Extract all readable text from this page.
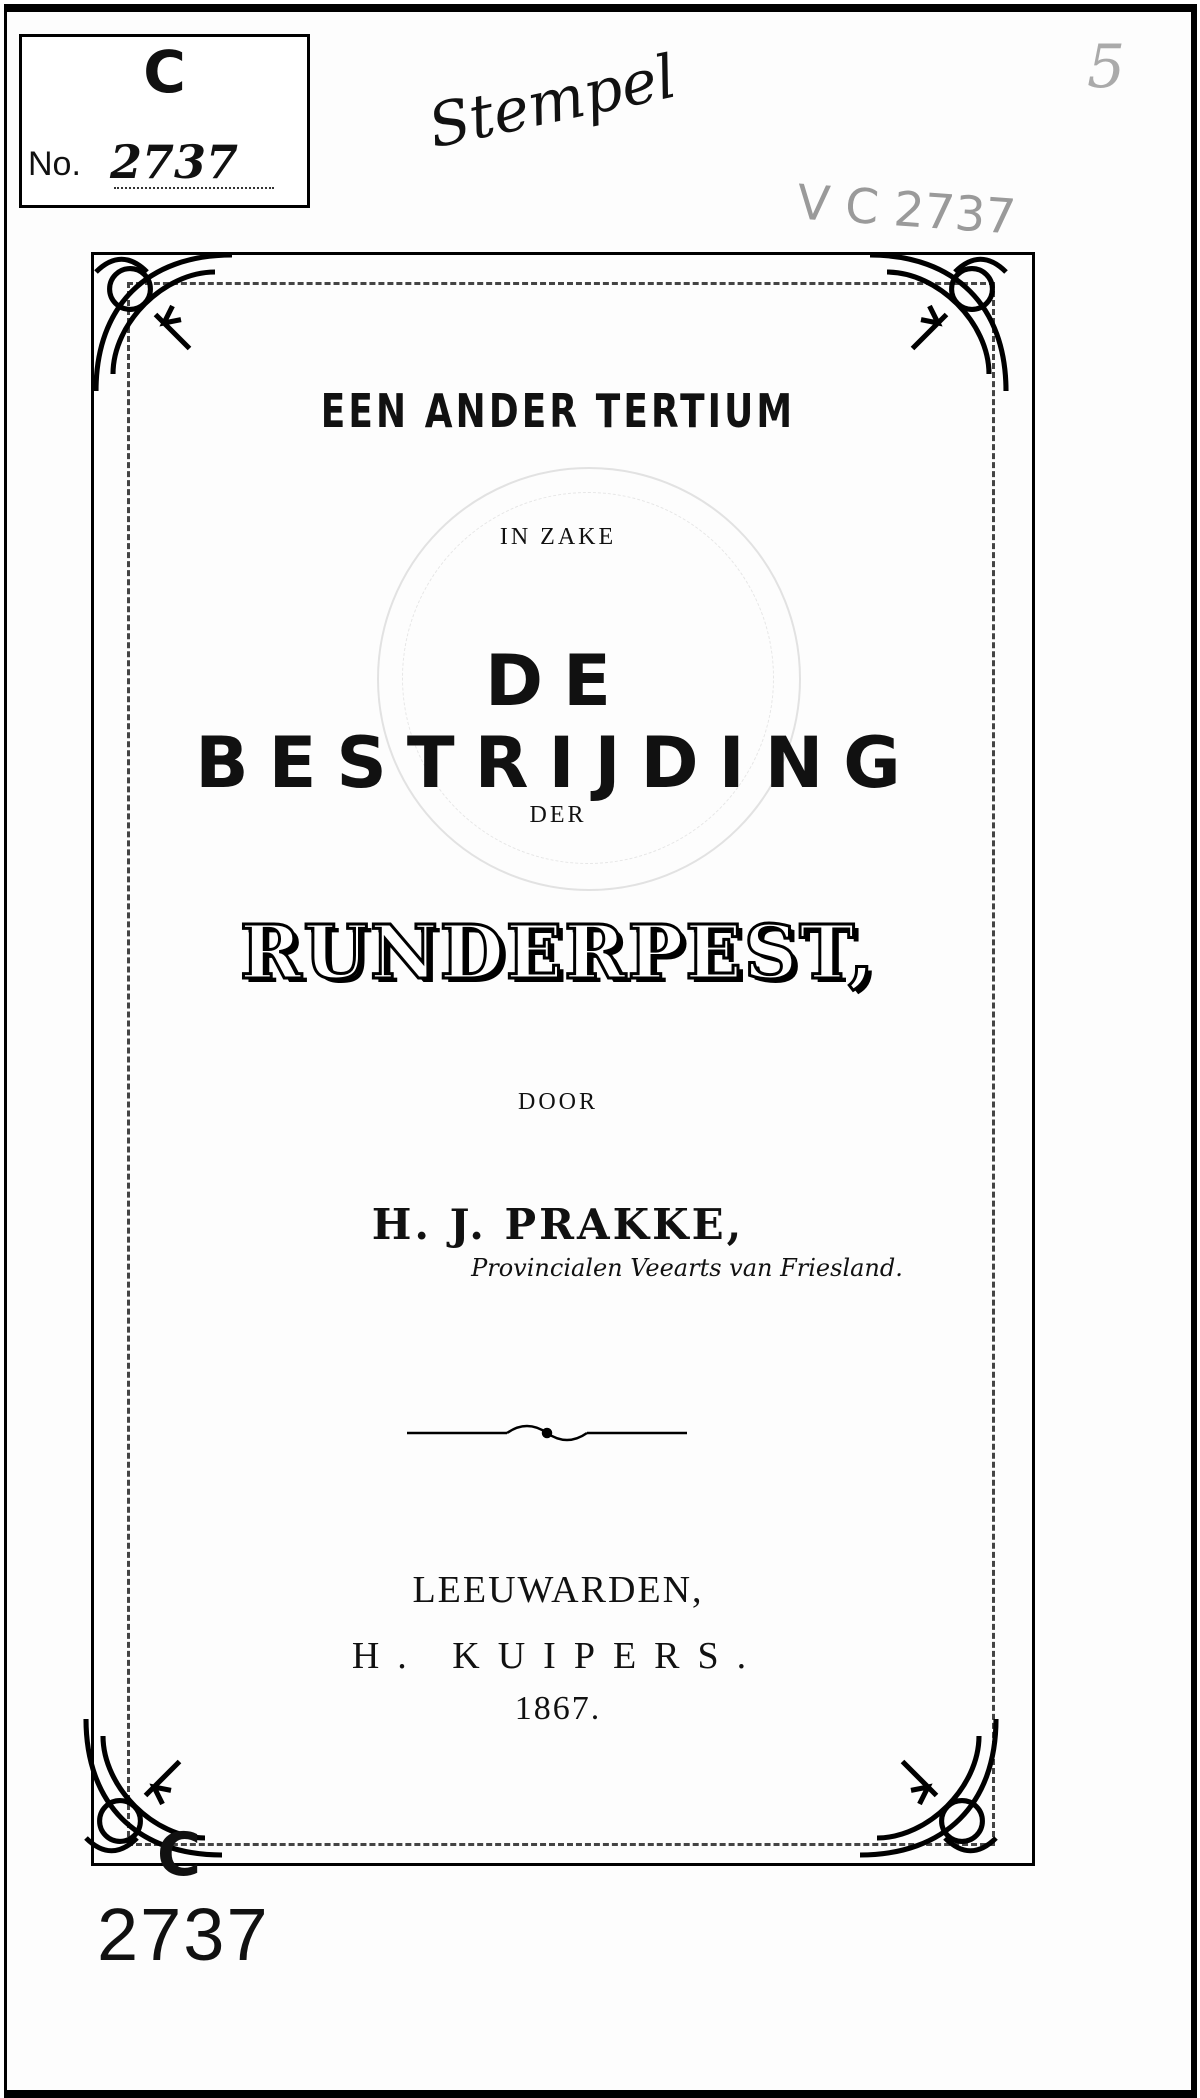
C
No. 2737	Stempel
V C 2737
5
EEN ANDER TERTIUM
IN ZAKE
DE BESTRIJDING
DER
RUNDERPEST,
DOOR
H. J. PRAKKE,
Provincialen Veearts van Friesland.
LEEUWARDEN,
H. KUIPERS.
1867.
C
2737
